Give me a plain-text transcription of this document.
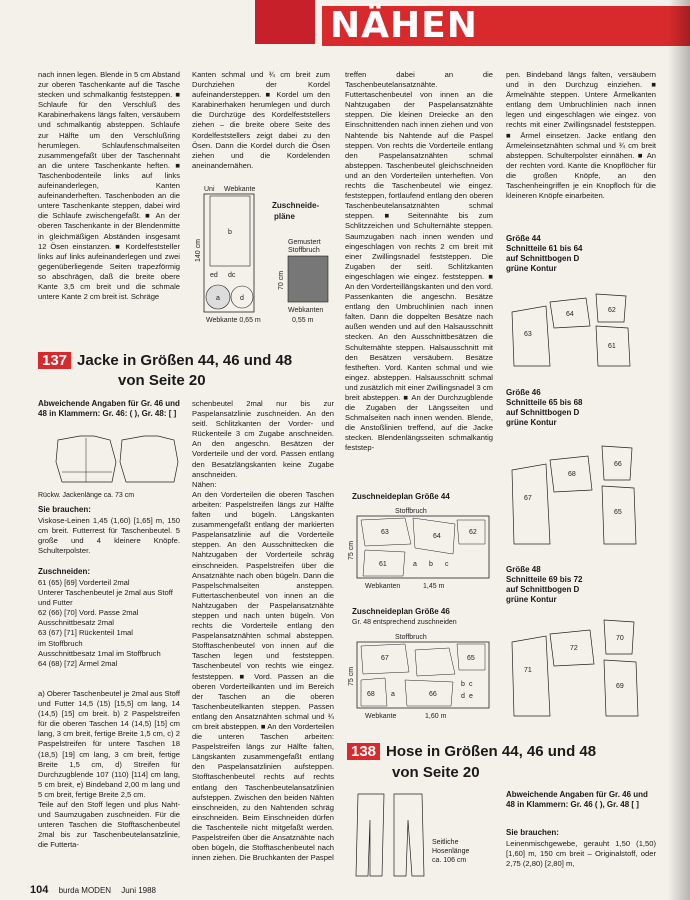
NÄHEN
nach innen legen. Blende in 5 cm Abstand zur oberen Taschenkante auf die Tasche stecken und schmalkantig feststeppen. ■ Schlaufe für den Verschluß des Karabinerhakens längs falten, versäubern und schmalkantig absteppen. Schlaufe zur Hälfte um den Verschlußring herumlegen. Schlaufenschmalseiten zusammengefaßt über der Taschennaht an die untere Taschenkante heften. ■ Taschenbodenteile links auf links aufeinanderlegen, Kanten aufeinanderheften. Taschenboden an die untere Taschenkante steppen, dabei wird die Schlaufe zwischengefaßt. ■ An der oberen Taschenkante in der Blendenmitte in gleichmäßigen Abständen insgesamt 12 Ösen einstanzen. ■ Kordelfeststeller links auf links aufeinanderlegen und zwei gegenüberliegende Seiten trapezförmig so abschrägen, daß die breite obere Kante 3,5 cm breit und die schmale untere Kante 2 cm breit ist. Schräge
Kanten schmal und ¾ cm breit zum Durchziehen der Kordel aufeinandersteppen. ■ Kordel um den Karabinerhaken herumlegen und durch die Durchzüge des Kordelfeststellers ziehen – die breite obere Seite des Kordelfeststellers zeigt dabei zu den Ösen. Dann die Kordel durch die Ösen ziehen und die Kordelenden aneinandernähen.
treffen dabei an die Taschenbeutelansatznähte. Futtertaschenbeutel von innen an die Nahtzugaben der Paspelansatznähte steppen. Die kleinen Dreiecke an den Einschnittenden nach innen ziehen und von Nahtende bis Nahtende auf die Paspel steppen. Von rechts die Vorderteile entlang den Paspelansatznähten schmal absteppen. Taschenbeutel gleichschneiden und an den Vorderteilen unterheften. Von rechts die Taschenbeutel wie eingez. feststeppen, fortlaufend entlang den oberen Taschenbeutelansatznähten schmal steppen. ■ Seitennähte bis zum Schlitzzeichen und Schulternähte steppen. Saumzugaben nach innen wenden und eingeschlagen von rechts 2 cm breit mit einer Zwillingsnadel feststeppen. Die Zugaben der seitl. Schlitzkanten eingeschlagen wie eingez. feststeppen. ■ An den Vorderteillängskanten und den vord. Passenkanten die angeschn. Besätze entlang den Umbruchlinien nach innen falten. Dann die doppelten Besätze nach außen wenden und auf den Halsausschnitt stecken. An den Ausschnittbesätzen die Schulternähte steppen. Halsausschnitt mit den Besätzen versäubern. Besätze festheften. Vord. Kanten schmal und wie eingez. absteppen. Halsausschnitt schmal und zusätzlich mit einer Zwillingsnadel 3 cm breit absteppen. ■ An der Durchzugblende die Zugaben der Längsseiten und Schmalseiten nach innen wenden. Blende, die Anstoßlinien treffend, auf die Jacke stecken. Blendenlängsseiten schmalkantig feststep-
pen. Bindeband längs falten, versäubern und in den Durchzug einziehen. ■ Ärmelnähte steppen. Untere Ärmelkanten entlang dem Umbruchlinien nach innen legen und eingeschlagen wie eingez. von rechts mit einer Zwillingsnadel feststeppen. ■ Ärmel einsetzen. Jacke entlang den Ärmeleinsetznähten schmal und ¾ cm breit absteppen. Schulterpolster einnähen. ■ An der rechten vord. Kante die Knopflöcher für die großen Knöpfe, an den Taschenheingriffen je ein Knopfloch für die kleineren Knöpfe einarbeiten.
Uni Webkante
b
ed dc
a	d
140 cm
Webkante 0,65 m
Zuschneide-
pläne
Gemustert
Stoffbruch
70 cm
Webkanten
0,55 m
137 Jacke in Größen 44, 46 und 48
von Seite 20
Abweichende Angaben für Gr. 46 und 48 in Klammern: Gr. 46: ( ), Gr. 48: [ ]
Rückw. Jackenlänge ca. 73 cm
Sie brauchen:
Viskose-Leinen 1,45 (1,60) [1,65] m, 150 cm breit. Futterrest für Taschenbeutel. 5 große und 4 kleinere Knöpfe. Schulterpolster.
Zuschneiden:
61 (65) [69] Vorderteil 2mal
Unterer Taschenbeutel je 2mal aus Stoff
und Futter
62 (66) [70] Vord. Passe 2mal
Ausschnittbesatz 2mal
63 (67) [71] Rückenteil 1mal
im Stoffbruch
Ausschnittbesatz 1mal im Stoffbruch
64 (68) [72] Ärmel 2mal
a) Oberer Taschenbeutel je 2mal aus Stoff und Futter 14,5 (15) [15,5] cm lang, 14 (14,5) [15] cm breit. b) 2 Paspelstreifen für die oberen Taschen 14 (14,5) [15] cm lang, 3 cm breit, fertige Breite 1,5 cm, c) 2 Paspelstreifen für untere Taschen 18 (18,5) [19] cm lang, 3 cm breit, fertige Breite 1,5 cm, d) Streifen für Durchzugblende 107 (110) [114] cm lang, 5 cm breit, e) Bindeband 2,00 m lang und 5 cm breit, fertige Breite 2,5 cm.
Teile auf den Stoff legen und plus Naht- und Saumzugaben zuschneiden. Für die unteren Taschen die Stofftaschenbeutel 2mal bis zur Taschenbeutelansatzlinie, die Futterta-
schenbeutel 2mal nur bis zur Paspelansatzlinie zuschneiden. An den seitl. Schlitzkanten der Vorder- und Rückenteile 3 cm Zugabe anschneiden. An den angeschn. Besätzen der Vorderteile und der vord. Passen entlang den Besatzlängskanten keine Zugabe anschneiden.
Nähen:
An den Vorderteilen die oberen Taschen arbeiten: Paspelstreifen längs zur Hälfte falten und bügeln. Längskanten zusammengefaßt entlang der markierten Paspelansatzlinie auf die Vorderteile steppen. An den Ausschnittecken die Nahtzugaben der Vorderteile schräg einschneiden. Paspelstreifen über die Ansatznähte nach oben bügeln. Dann die Paspelschmalseiten ansteppen. Futtertaschenbeutel von innen an die Nahtzugaben der Paspelansatznähte steppen und nach unten bügeln. Von rechts die Vorderteile entlang den Paspelansatznähten schmal absteppen. Stofftaschenbeutel von innen auf die Taschen legen und feststeppen. Taschenbeutel von rechts wie eingez. feststeppen. ■ Vord. Passen an die oberen Vorderteilkanten und im Bereich der Taschen an die oberen Taschenbeutelkanten steppen. Passen entlang den Ansatznähten schmal und ¾ cm breit absteppen. ■ An den Vorderteilen die unteren Taschen arbeiten: Paspelstreifen längs zur Hälfte falten, Längskanten zusammengefaßt entlang den Paspelansatzlinien aufsteppen. Stofftaschenbeutel rechts auf rechts entlang den Taschenbeutelansatzlinien aufsteppen. Zwischen den beiden Nähten einschneiden, zu den Nahtenden schräg einschneiden. Beim Einschneiden dürfen die Taschenteile nicht mitgefaßt werden. Paspelstreifen über die Ansatznähte nach oben bügeln, die Stofftaschenbeutel nach innen ziehen. Die Bruchkanten der Paspel
Zuschneideplan Größe 44
Stoffbruch
63
64
61
62
a b c
75 cm
Webkanten	1,45 m
Zuschneideplan Größe 46
Gr. 48 entsprechend zuschneiden
Stoffbruch
67	65
68	66
a
b c
d e
75 cm
Webkante	1,60 m
Größe 44
Schnitteile 61 bis 64
auf Schnittbogen D
grüne Kontur
63
64
62
61
Größe 46
Schnitteile 65 bis 68
auf Schnittbogen D
grüne Kontur
67
68
66
65
Größe 48
Schnitteile 69 bis 72
auf Schnittbogen D
grüne Kontur
71
72
70
69
138 Hose in Größen 44, 46 und 48
von Seite 20
Seitliche
Hosenlänge
ca. 106 cm
Abweichende Angaben für Gr. 46 und 48 in Klammern: Gr. 46 ( ), Gr. 48 [ ]
Sie brauchen:
Leinenmischgewebe, gerauht 1,50 (1,50) [1,60] m, 150 cm breit – Originalstoff, oder 2,75 (2,80) [2,80] m,
104 burda MODEN Juni 1988
